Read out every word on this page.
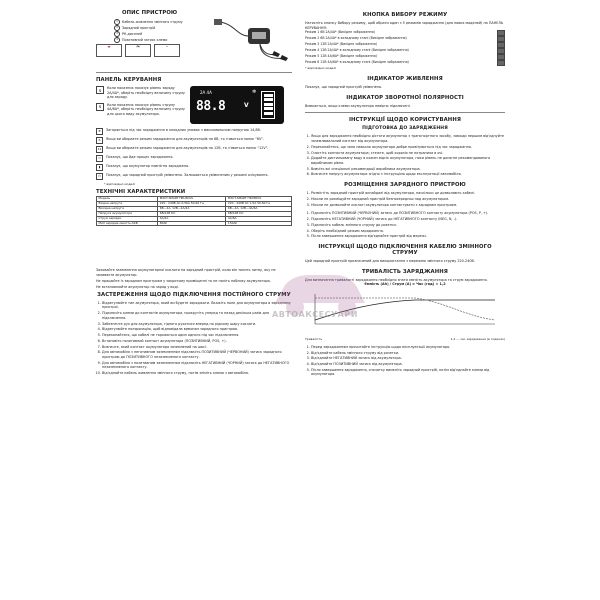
ОПИС ПРИСТРОЮ
1	Кабель живлення змінного струму
2	Зарядний пристрій
3	РК-дисплей
4	Позитивний затиск клеми
🚗	🏍	▭
ПАНЕЛЬ КЕРУВАННЯ
↯	Коли показник показує рівень заряду 2A/4A*, оберіть необхідну величину струму для заряду.

↯	Коли показник показує рівень струму 4A/6A*, оберіть необхідну величину струму для цього виду акумулятора.

2A 4A	❄
88.8	V
❄	Загоряється під час заряджання в холодних умовах з максимальною напругою 14,8В.

6	Якщо ви обираєте режим заряджання для акумуляторів на 6В, то з'явиться напис "6V".

12	Якщо ви обираєте режим заряджання для акумуляторів на 12В, то з'явиться напис "12V".

▭	Показує, що йде процес заряджання.

▮	Показує, що акумулятор повністю заряджено.

⏻	Показує, що зарядний пристрій увімкнено. Залишається увімкненим у режимі очікування.

* відповідно моделі

ТЕХНІЧНІ ХАРАКТЕРИСТИКИ
Модель	MXCT-SMART HRU6DVL	MXCT-SMART HRU8DVL
Вхідна напруга	220 - 240В AC 0,56A 50-60 Гц	220 - 240В AC 1,5A 50-60 Гц
Вихідна напруга	6В—2A, 12В—2A/4A	6В—4A, 12В—4A/6A
Напруга акумулятора	6В/12В DC	6В/12В DC
Струм зарядки	4A/2A	4A/6A
MAX зарядна ємність АКБ	80Ah	150Ah

Заховайте заземлення акумуляторної кислоти на зарядний пристрій, коли він топить литву, яку не заливаєте акумулятор.

Не працюйте із зарядним пристроєм у закритому приміщенні та не паліть поблизу акумулятора.

Не встановлюйте акумулятор на заряд у воді.

ЗАСТЕРЕЖЕННЯ ЩОДО ПІДКЛЮЧЕННЯ ПОСТІЙНОГО СТРУМУ
1. Відрегулюйте тип акумулятора, який ви будете заряджати. Вкажіть поле для акумулятора в зарядному пристрої.
2. Підключіть клеми до контактів акумулятора, прокрутіть уперед та назад декілька разів для підключення.
3. Забезпечте рух для акумулятора, гідного рухатися вперед по рідкому шару кислоти.
4. Відрегулюйте поляризацію, щоб відповідала вимогам зарядного пристрою.
5. Переконайтеся, що кабелі не торкаються один одного під час підключення.
6. Встановіть позитивний контакт акумулятора (ПОЗИТИВНИЙ, POS, +).
7. Визначте, який контакт акумулятора заземлений на шасі.
8. Для автомобіля з негативним заземленням підключіть ПОЗИТИВНИЙ (ЧЕРВОНИЙ) затиск зарядного пристрою до ПОЗИТИВНОГО незаземленого контакту.
9. Для автомобіля з позитивним заземленням підключіть НЕГАТИВНИЙ (ЧОРНИЙ) затиск до НЕГАТИВНОГО незаземленого контакту.
10. Від'єднайте кабель живлення змінного струму, потім зніміть клеми з автомобіля.
КНОПКА ВИБОРУ РЕЖИМУ

Натисніть кнопку Вибору режиму, щоб обрати один з 5 режимів заряджання (для нових моделей) на ПАНЕЛЬ КЕРУВАННЯ:

Режим 1 6В 2A/4A* (Вихідне зображення)
Режим 2 6В 2A/4A* в холодному стані (Вихідне зображення)
Режим 3 12В 2A/4A* (Вихідне зображення)
Режим 4 12В 2A/4A* в холодному стані (Вихідне зображення)
Режим 5 12В 4A/6A* (Вихідне зображення)
Режим 6 12В 4A/6A* в холодному стані (Вихідне зображення)

* відповідно моделі

ІНДИКАТОР ЖИВЛЕННЯ

Показує, що зарядний пристрій увімкнено.

ІНДИКАТОР ЗВОРОТНОЇ ПОЛЯРНОСТІ

Вмикається, якщо клеми акумулятора невірно підключені.

ІНСТРУКЦІЇ ЩОДО КОРИСТУВАННЯ
ПІДГОТОВКА ДО ЗАРЯДЖЕННЯ
1. Якщо для заряджання необхідно дістати акумулятор з транспортного засобу, завжди першим від'єднуйте заземлювальний контакт від акумулятора.
2. Переконайтеся, що зона навколо акумулятора добре провітрюється під час заряджання.
3. Очистіть контакти акумулятора; стежте, щоб корозія не потрапила в очі.
4. Додайте дистильовану воду в кожен відсік акумулятора, поки рівень не досягне рекомендованого виробником рівня.
5. Вивчіть всі спеціальні рекомендації виробника акумулятора.
6. Визначте напругу акумулятора згідно з інструкцією щодо експлуатації автомобіля.
РОЗМІЩЕННЯ ЗАРЯДНОГО ПРИСТРОЮ
1. Розмістіть зарядний пристрій якнайдалі від акумулятора, наскільки це дозволяють кабелі.
2. Ніколи не розміщуйте зарядний пристрій безпосередньо над акумулятором.
3. Ніколи не дозволяйте кислоті акумулятора контактувати з зарядним пристроєм.
1. Підключіть ПОЗИТИВНИЙ (ЧЕРВОНИЙ) затиск до ПОЗИТИВНОГО контакту акумулятора (POS, P, +).
2. Підключіть НЕГАТИВНИЙ (ЧОРНИЙ) затиск до НЕГАТИВНОГО контакту (NEG, N, -).
3. Підключіть кабель змінного струму до розетки.
4. Оберіть необхідний режим заряджання.
5. Після завершення заряджання від'єднайте пристрій від мережі.
ІНСТРУКЦІЇ ЩОДО ПІДКЛЮЧЕННЯ КАБЕЛЮ ЗМІННОГО СТРУМУ

Цей зарядний пристрій призначений для використання з мережею змінного струму 220-240В.

ТРИВАЛІСТЬ ЗАРЯДЖАННЯ

Для визначення тривалості заряджання необхідно знати ємність акумулятора та струм заряджання.

Ємність (Ah) / Струм (A) = Час (год) × 1,2

Тривалість	1,2 — час заряджання (в годинах)
1. Перед заряджанням прочитайте інструкцію щодо експлуатації акумулятора.
2. Від'єднайте кабель змінного струму від розетки.
3. Від'єднайте НЕГАТИВНИЙ затиск від акумулятора.
4. Від'єднайте ПОЗИТИВНИЙ затиск від акумулятора.
5. Після завершення заряджання, спочатку вимкніть зарядний пристрій, потім від'єднайте клеми від акумулятора.
АВТОАКСЕСУАРИ
